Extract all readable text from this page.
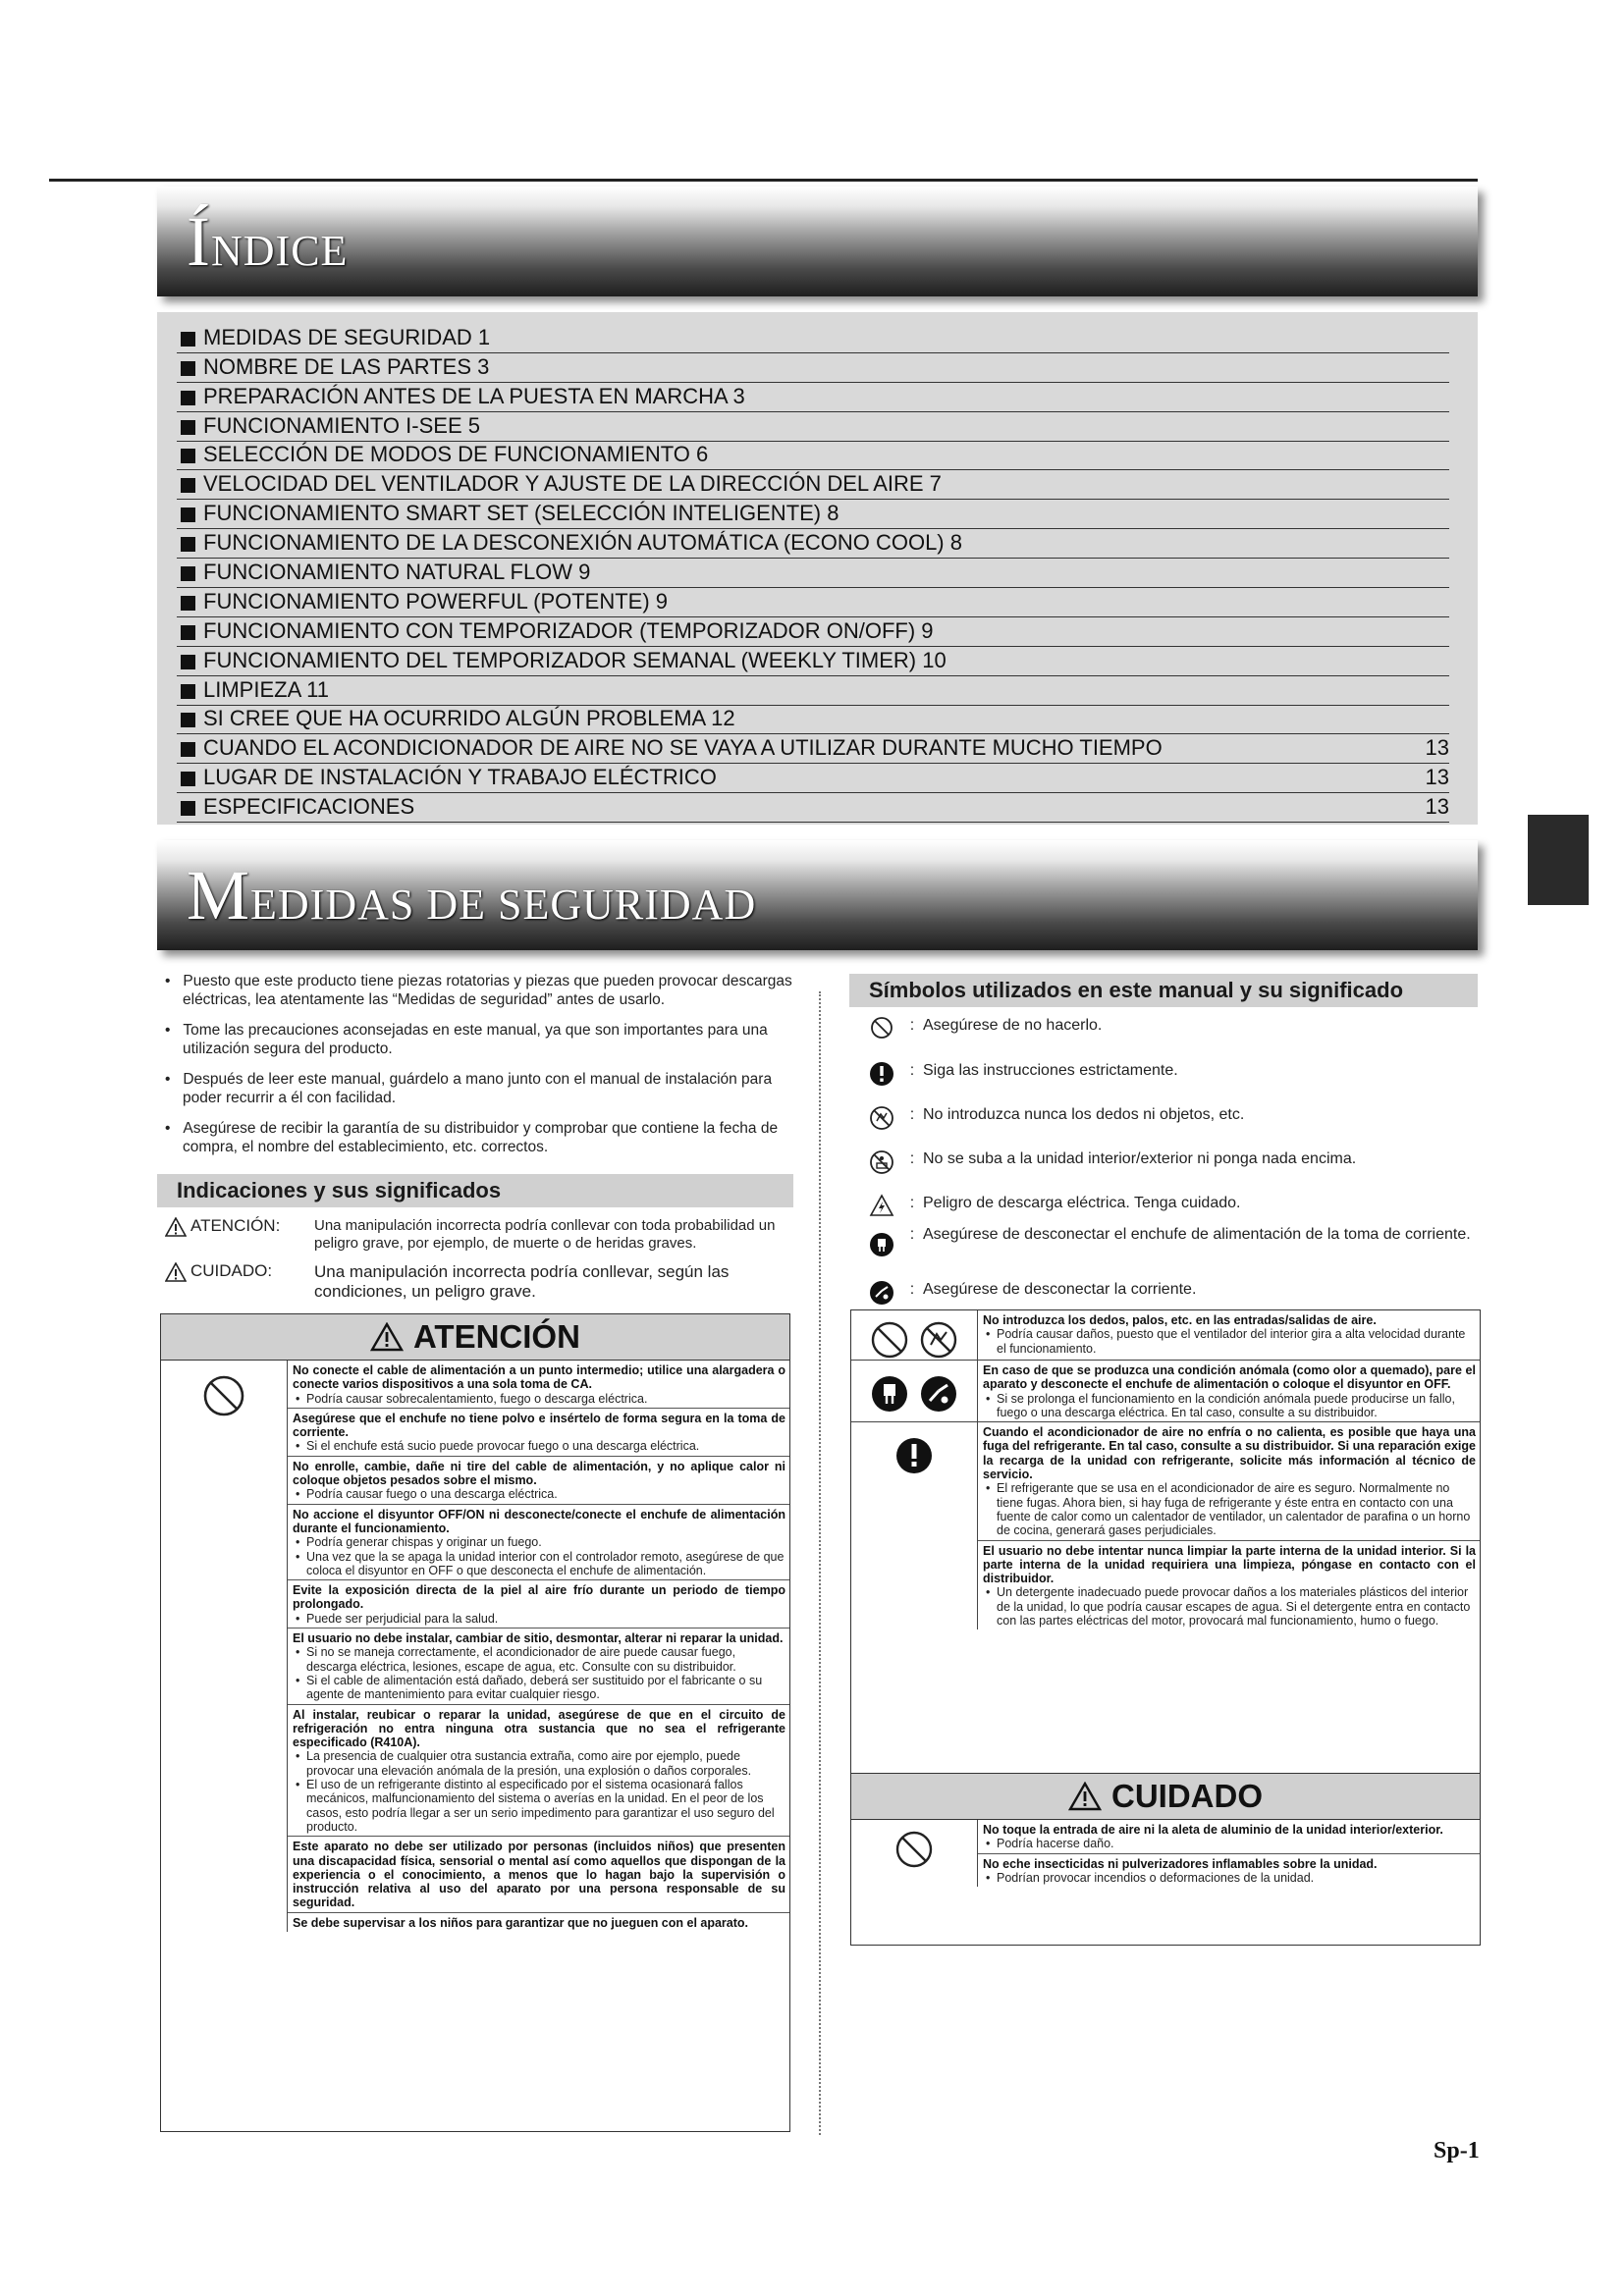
ÍNDICE
MEDIDAS DE SEGURIDAD 1
NOMBRE DE LAS PARTES 3
PREPARACIÓN ANTES DE LA PUESTA EN MARCHA 3
FUNCIONAMIENTO I-SEE 5
SELECCIÓN DE MODOS DE FUNCIONAMIENTO 6
VELOCIDAD DEL VENTILADOR Y AJUSTE DE LA DIRECCIÓN DEL AIRE 7
FUNCIONAMIENTO SMART SET (SELECCIÓN INTELIGENTE) 8
FUNCIONAMIENTO DE LA DESCONEXIÓN AUTOMÁTICA (ECONO COOL) 8
FUNCIONAMIENTO NATURAL FLOW 9
FUNCIONAMIENTO POWERFUL (POTENTE) 9
FUNCIONAMIENTO CON TEMPORIZADOR (TEMPORIZADOR ON/OFF) 9
FUNCIONAMIENTO DEL TEMPORIZADOR SEMANAL (WEEKLY TIMER) 10
LIMPIEZA 11
SI CREE QUE HA OCURRIDO ALGÚN PROBLEMA 12
CUANDO EL ACONDICIONADOR DE AIRE NO SE VAYA A UTILIZAR DURANTE MUCHO TIEMPO	13
LUGAR DE INSTALACIÓN Y TRABAJO ELÉCTRICO	13
ESPECIFICACIONES	13
MEDIDAS DE SEGURIDAD

•   Puesto que este producto tiene piezas rotatorias y piezas que pueden provocar descargas eléctricas, lea atentamente las “Medidas de seguridad” antes de usarlo.

•   Tome las precauciones aconsejadas en este manual, ya que son importantes para una utilización segura del producto.

•   Después de leer este manual, guárdelo a mano junto con el manual de instalación para poder recurrir a él con facilidad.

•   Asegúrese de recibir la garantía de su distribuidor y comprobar que contiene la fecha de compra, el nombre del establecimiento, etc. correctos.

Indicaciones y sus significados
ATENCIÓN: Una manipulación incorrecta podría conllevar con toda probabilidad un peligro grave, por ejemplo, de muerte o de heridas graves.
CUIDADO:	Una manipulación incorrecta podría conllevar, según las condiciones, un peligro grave.
ATENCIÓN
No conecte el cable de alimentación a un punto intermedio; utilice una alargadera o conecte varios dispositivos a una sola toma de CA.
• Podría causar sobrecalentamiento, fuego o descarga eléctrica.
Asegúrese que el enchufe no tiene polvo e insértelo de forma segura en la toma de corriente.
• Si el enchufe está sucio puede provocar fuego o una descarga eléctrica.
No enrolle, cambie, dañe ni tire del cable de alimentación, y no aplique calor ni coloque objetos pesados sobre el mismo.
• Podría causar fuego o una descarga eléctrica.
No accione el disyuntor OFF/ON ni desconecte/conecte el enchufe de alimentación durante el funcionamiento.
• Podría generar chispas y originar un fuego.
• Una vez que la se apaga la unidad interior con el controlador remoto, asegúrese de que coloca el disyuntor en OFF o que desconecta el enchufe de alimentación.
Evite la exposición directa de la piel al aire frío durante un periodo de tiempo prolongado.
• Puede ser perjudicial para la salud.
El usuario no debe instalar, cambiar de sitio, desmontar, alterar ni reparar la unidad.
• Si no se maneja correctamente, el acondicionador de aire puede causar fuego, descarga eléctrica, lesiones, escape de agua, etc. Consulte con su distribuidor.
• Si el cable de alimentación está dañado, deberá ser sustituido por el fabricante o su agente de mantenimiento para evitar cualquier riesgo.
Al instalar, reubicar o reparar la unidad, asegúrese de que en el circuito de refrigeración no entra ninguna otra sustancia que no sea el refrigerante especificado (R410A).
• La presencia de cualquier otra sustancia extraña, como aire por ejemplo, puede provocar una elevación anómala de la presión, una explosión o daños corporales.
• El uso de un refrigerante distinto al especificado por el sistema ocasionará fallos mecánicos, malfuncionamiento del sistema o averías en la unidad. En el peor de los casos, esto podría llegar a ser un serio impedimento para garantizar el uso seguro del producto.
Este aparato no debe ser utilizado por personas (incluidos niños) que presenten una discapacidad física, sensorial o mental así como aquellos que dispongan de la experiencia o el conocimiento, a menos que lo hagan bajo la supervisión o instrucción relativa al uso del aparato por una persona responsable de su seguridad.
Se debe supervisar a los niños para garantizar que no jueguen con el aparato.
Símbolos utilizados en este manual y su significado
: Asegúrese de no hacerlo.
: Siga las instrucciones estrictamente.
: No introduzca nunca los dedos ni objetos, etc.
: No se suba a la unidad interior/exterior ni ponga nada encima.
: Peligro de descarga eléctrica. Tenga cuidado.
: Asegúrese de desconectar el enchufe de alimentación de la toma de corriente.
: Asegúrese de desconectar la corriente.
No introduzca los dedos, palos, etc. en las entradas/salidas de aire.
• Podría causar daños, puesto que el ventilador del interior gira a alta velocidad durante el funcionamiento.
En caso de que se produzca una condición anómala (como olor a quemado), pare el aparato y desconecte el enchufe de alimentación o coloque el disyuntor en OFF.
• Si se prolonga el funcionamiento en la condición anómala puede producirse un fallo, fuego o una descarga eléctrica. En tal caso, consulte a su distribuidor.
Cuando el acondicionador de aire no enfría o no calienta, es posible que haya una fuga del refrigerante. En tal caso, consulte a su distribuidor. Si una reparación exige la recarga de la unidad con refrigerante, solicite más información al técnico de servicio.
• El refrigerante que se usa en el acondicionador de aire es seguro. Normalmente no tiene fugas. Ahora bien, si hay fuga de refrigerante y éste entra en contacto con una fuente de calor como un calentador de ventilador, un calentador de parafina o un horno de cocina, generará gases perjudiciales.
El usuario no debe intentar nunca limpiar la parte interna de la unidad interior. Si la parte interna de la unidad requiriera una limpieza, póngase en contacto con el distribuidor.
• Un detergente inadecuado puede provocar daños a los materiales plásticos del interior de la unidad, lo que podría causar escapes de agua. Si el detergente entra en contacto con las partes eléctricas del motor, provocará mal funcionamiento, humo o fuego.
CUIDADO
No toque la entrada de aire ni la aleta de aluminio de la unidad interior/exterior.
• Podría hacerse daño.
No eche insecticidas ni pulverizadores inflamables sobre la unidad.
• Podrían provocar incendios o deformaciones de la unidad.
Sp-1
